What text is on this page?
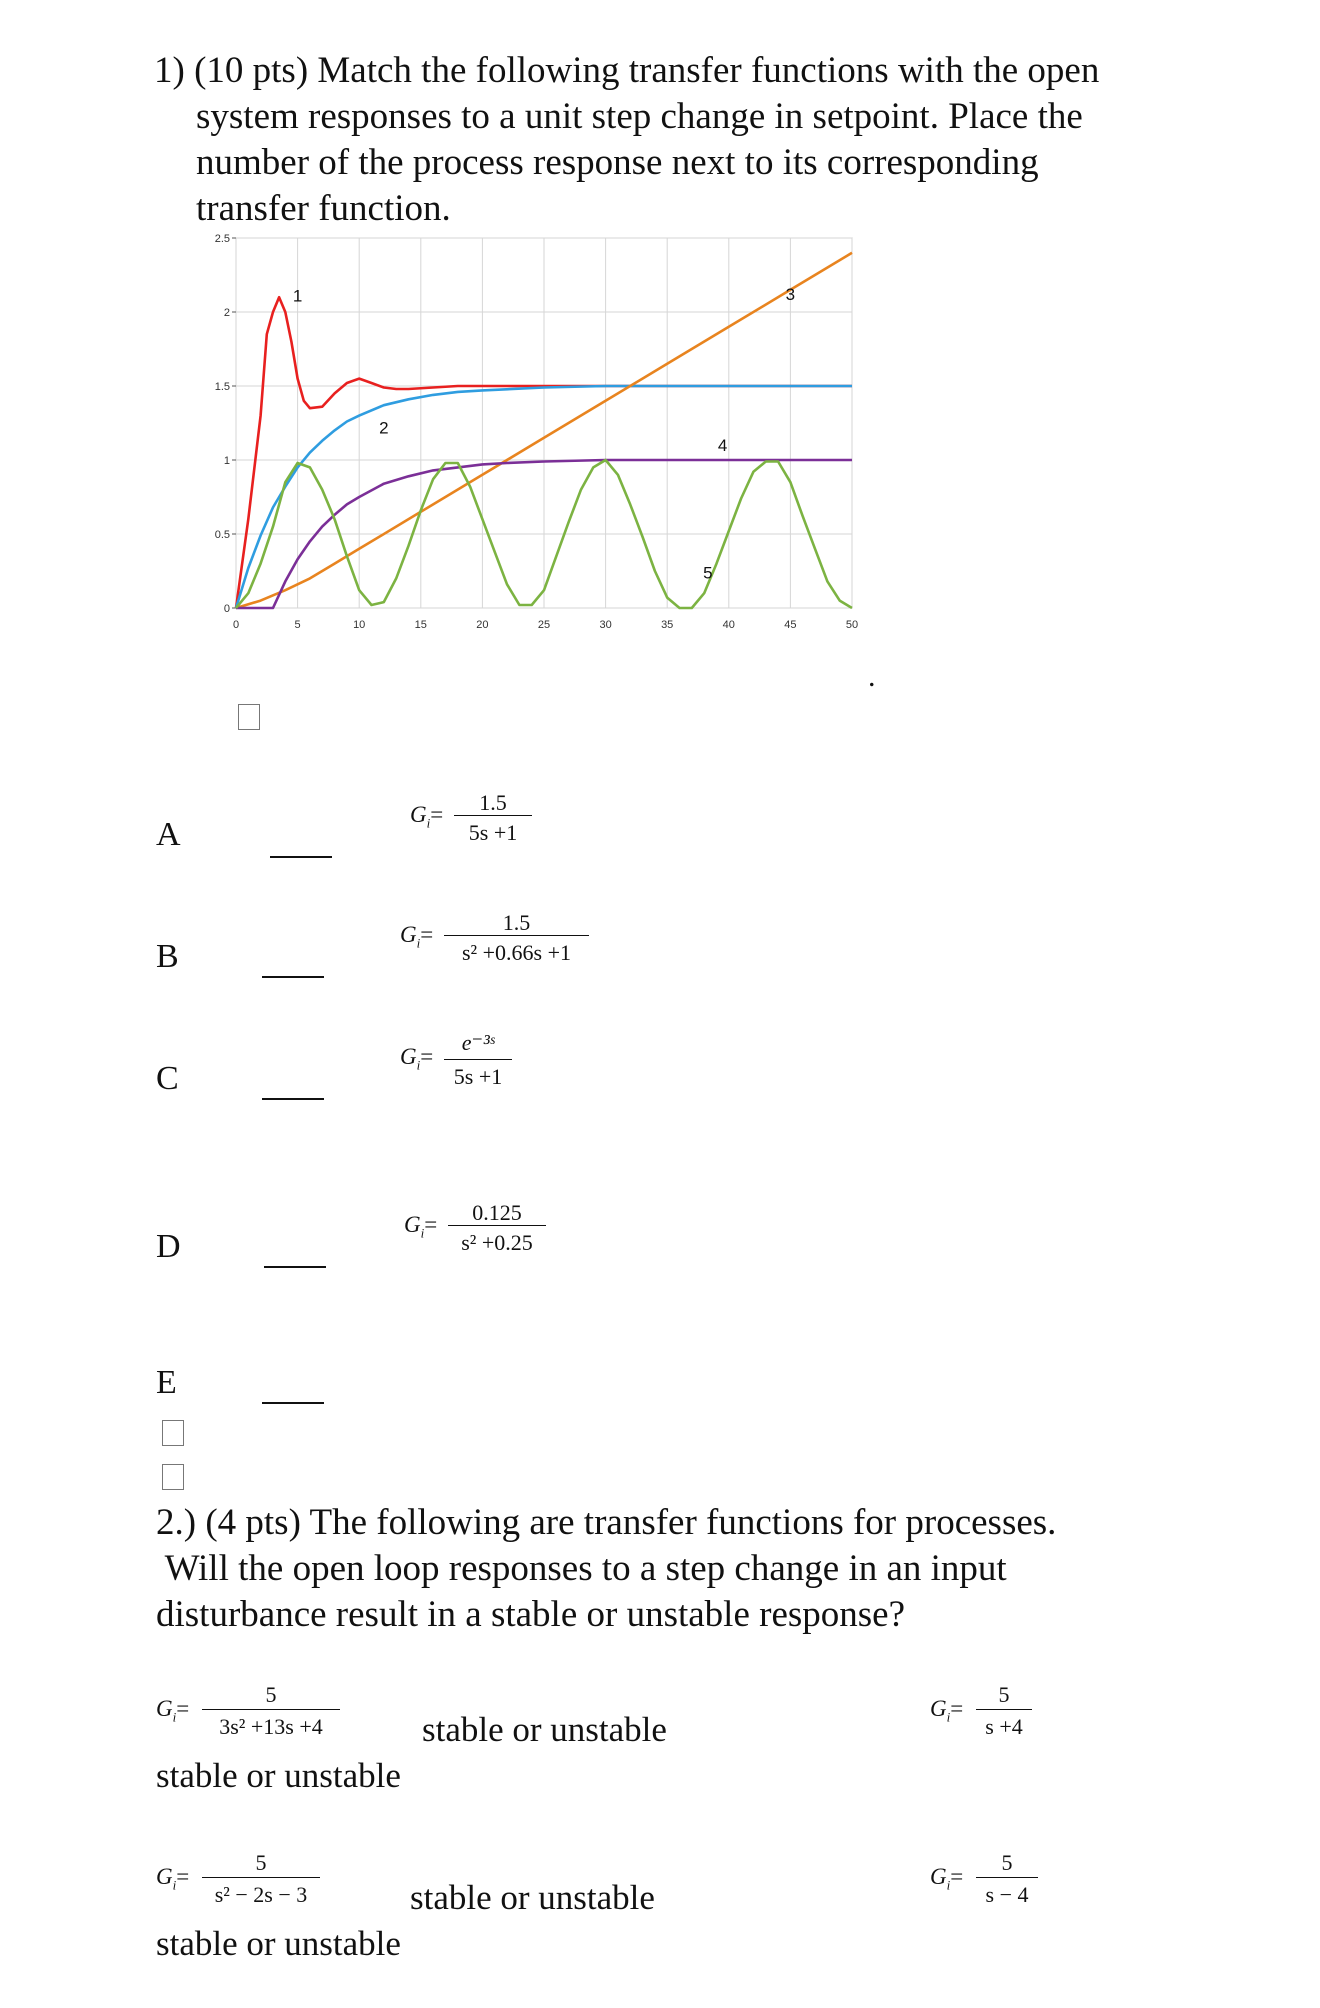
1) (10 pts) Match the following transfer functions with the open
system responses to a unit step change in setpoint. Place the
number of the process response next to its corresponding
transfer function.
0
0.5
1
1.5
2
2.5
0	5	10	15	20	25	30	35	40	45	50
1
2
3
4
5
.
A
$G_i=$	1.5
5s +1
B
$G_i=$	1.5
s² +0.66s +1
C
$G_i=$
e⁻³ˢ
5s +1
D
$G_i=$	0.125
s² +0.25
E
2.) (4 pts) The following are transfer functions for processes.
Will the open loop responses to a step change in an input
disturbance result in a stable or unstable response?
$G_i=$
5
3s² +13s +4	stable or unstable
stable or unstable
$G_i=$
5
s +4
$G_i=$
5
s² − 2s − 3	stable or unstable
stable or unstable
$G_i=$
5
s − 4
